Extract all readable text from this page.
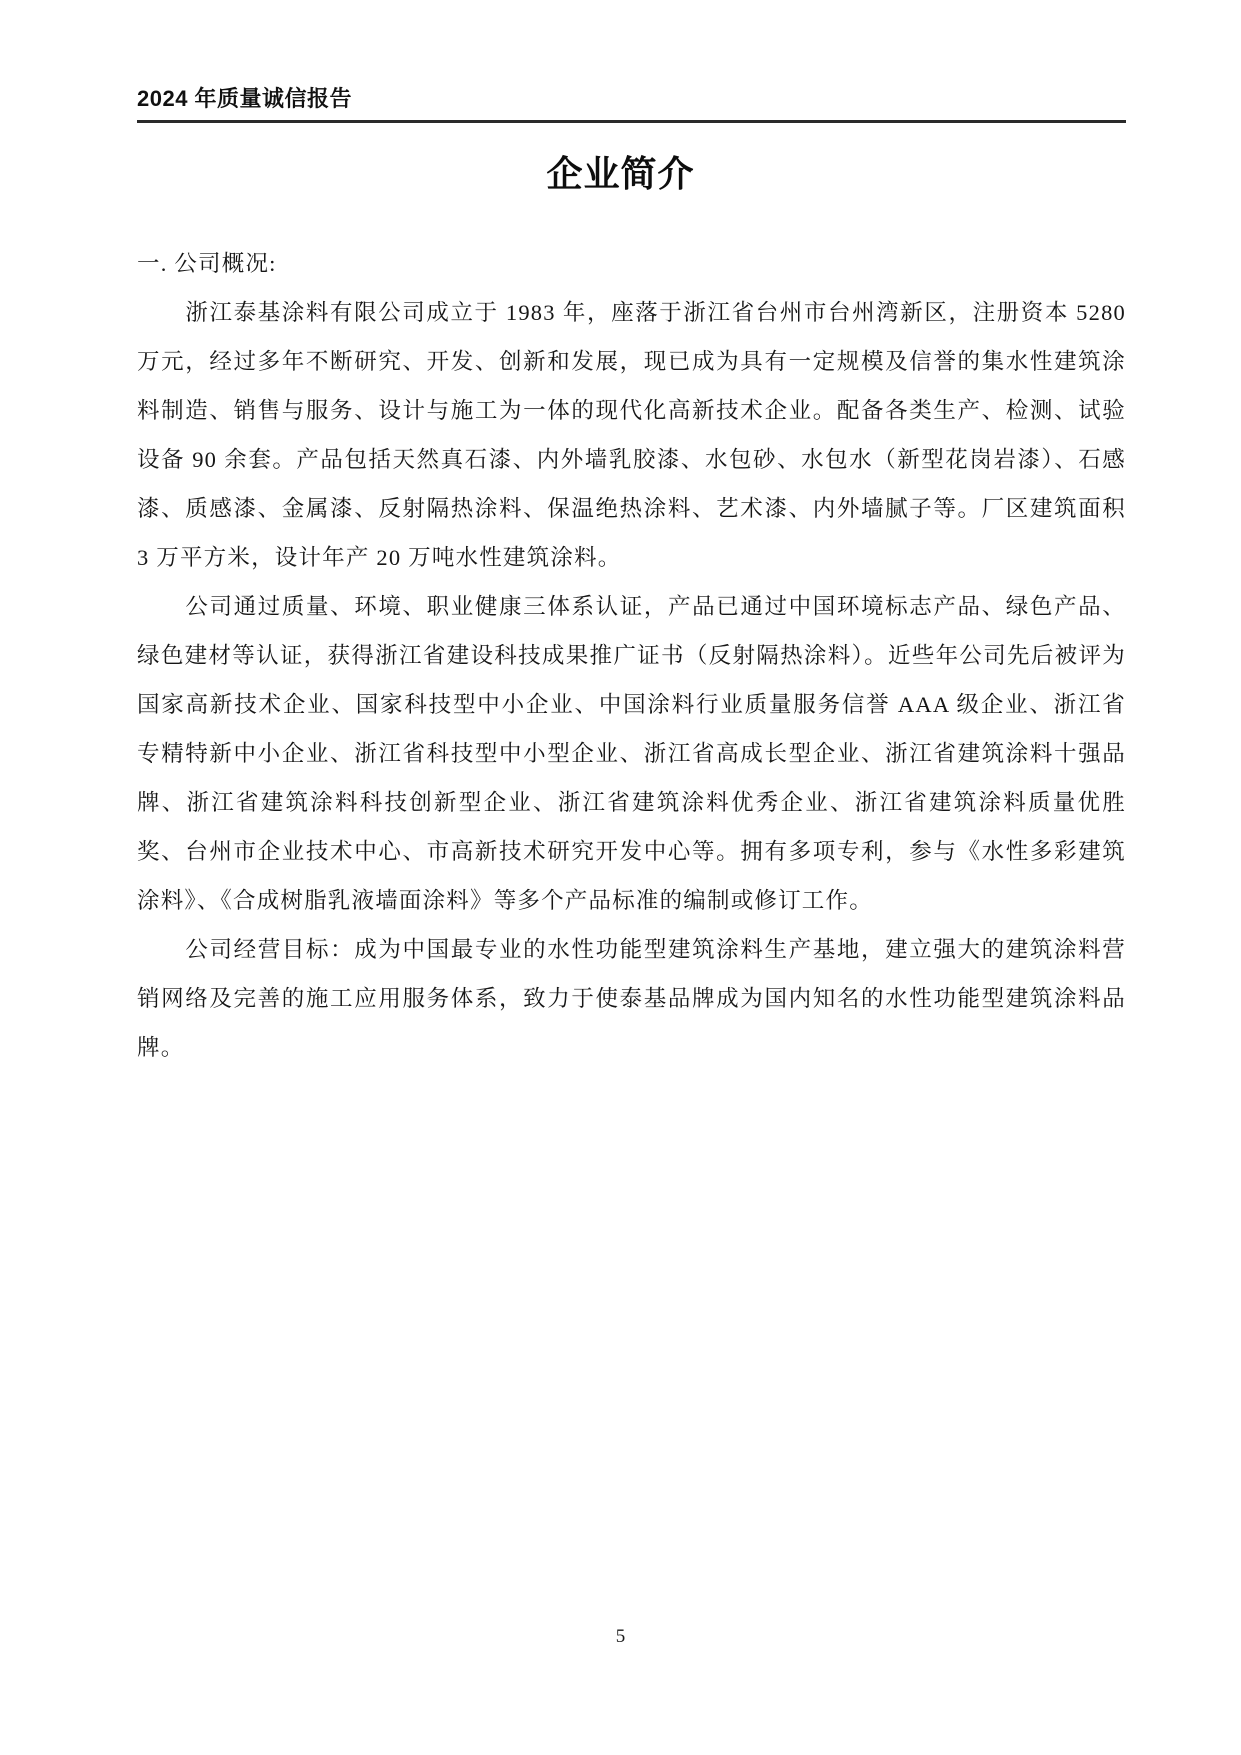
2024 年质量诚信报告
企业简介
一. 公司概况:

浙江泰基涂料有限公司成立于 1983 年，座落于浙江省台州市台州湾新区，注册资本 5280 万元，经过多年不断研究、开发、创新和发展，现已成为具有一定规模及信誉的集水性建筑涂料制造、销售与服务、设计与施工为一体的现代化高新技术企业。配备各类生产、检测、试验设备 90 余套。产品包括天然真石漆、内外墙乳胶漆、水包砂、水包水（新型花岗岩漆）、石感漆、质感漆、金属漆、反射隔热涂料、保温绝热涂料、艺术漆、内外墙腻子等。厂区建筑面积 3 万平方米，设计年产 20 万吨水性建筑涂料。

公司通过质量、环境、职业健康三体系认证，产品已通过中国环境标志产品、绿色产品、绿色建材等认证，获得浙江省建设科技成果推广证书（反射隔热涂料）。近些年公司先后被评为国家高新技术企业、国家科技型中小企业、中国涂料行业质量服务信誉 AAA 级企业、浙江省专精特新中小企业、浙江省科技型中小型企业、浙江省高成长型企业、浙江省建筑涂料十强品牌、浙江省建筑涂料科技创新型企业、浙江省建筑涂料优秀企业、浙江省建筑涂料质量优胜奖、台州市企业技术中心、市高新技术研究开发中心等。拥有多项专利，参与《水性多彩建筑涂料》、《合成树脂乳液墙面涂料》等多个产品标准的编制或修订工作。

公司经营目标：成为中国最专业的水性功能型建筑涂料生产基地，建立强大的建筑涂料营销网络及完善的施工应用服务体系，致力于使泰基品牌成为国内知名的水性功能型建筑涂料品牌。

5
